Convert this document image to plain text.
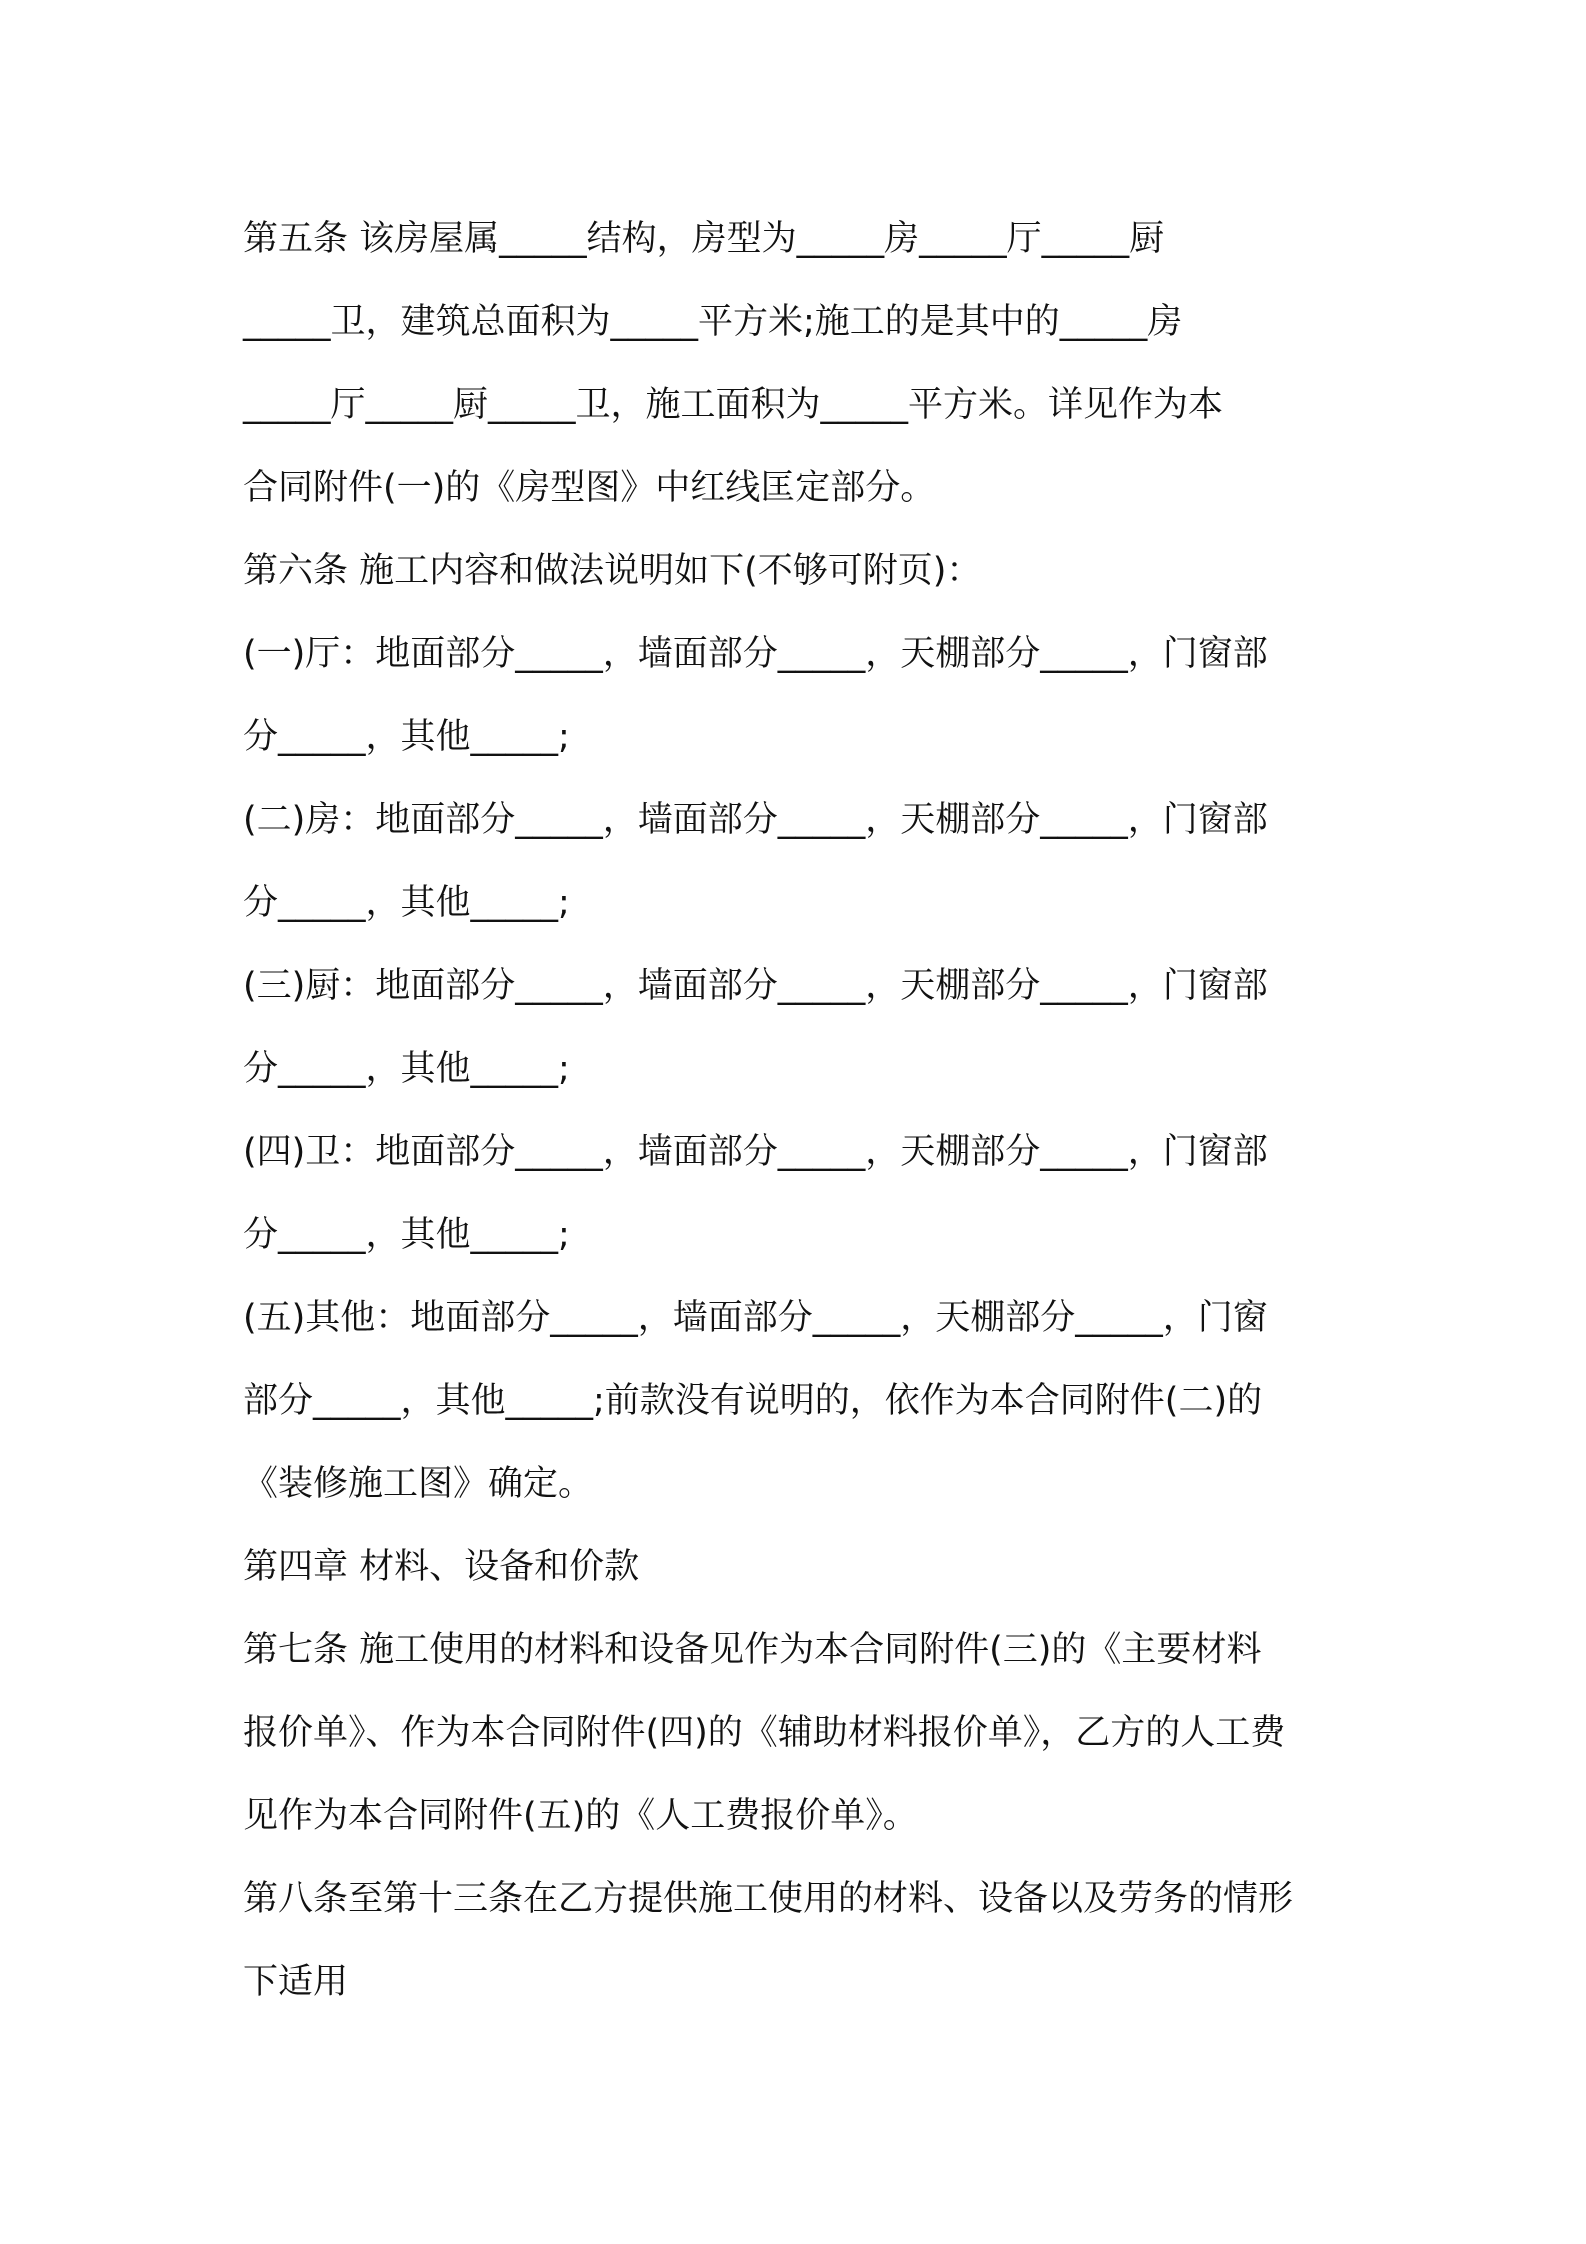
第五条 该房屋属_____结构，房型为_____房_____厅_____厨
_____卫，建筑总面积为_____平方米;施工的是其中的_____房
_____厅_____厨_____卫，施工面积为_____平方米。详见作为本
合同附件(一)的《房型图》中红线匡定部分。

第六条 施工内容和做法说明如下(不够可附页)：

(一)厅：地面部分_____，墙面部分_____，天棚部分_____，门窗部
分_____，其他_____;

(二)房：地面部分_____，墙面部分_____，天棚部分_____，门窗部
分_____，其他_____;

(三)厨：地面部分_____，墙面部分_____，天棚部分_____，门窗部
分_____，其他_____;

(四)卫：地面部分_____，墙面部分_____，天棚部分_____，门窗部
分_____，其他_____;

(五)其他：地面部分_____，墙面部分_____，天棚部分_____，门窗
部分_____，其他_____;前款没有说明的，依作为本合同附件(二)的
《装修施工图》确定。

第四章 材料、设备和价款

第七条 施工使用的材料和设备见作为本合同附件(三)的《主要材料
报价单》、作为本合同附件(四)的《辅助材料报价单》，乙方的人工费
见作为本合同附件(五)的《人工费报价单》。

第八条至第十三条在乙方提供施工使用的材料、设备以及劳务的情形
下适用
